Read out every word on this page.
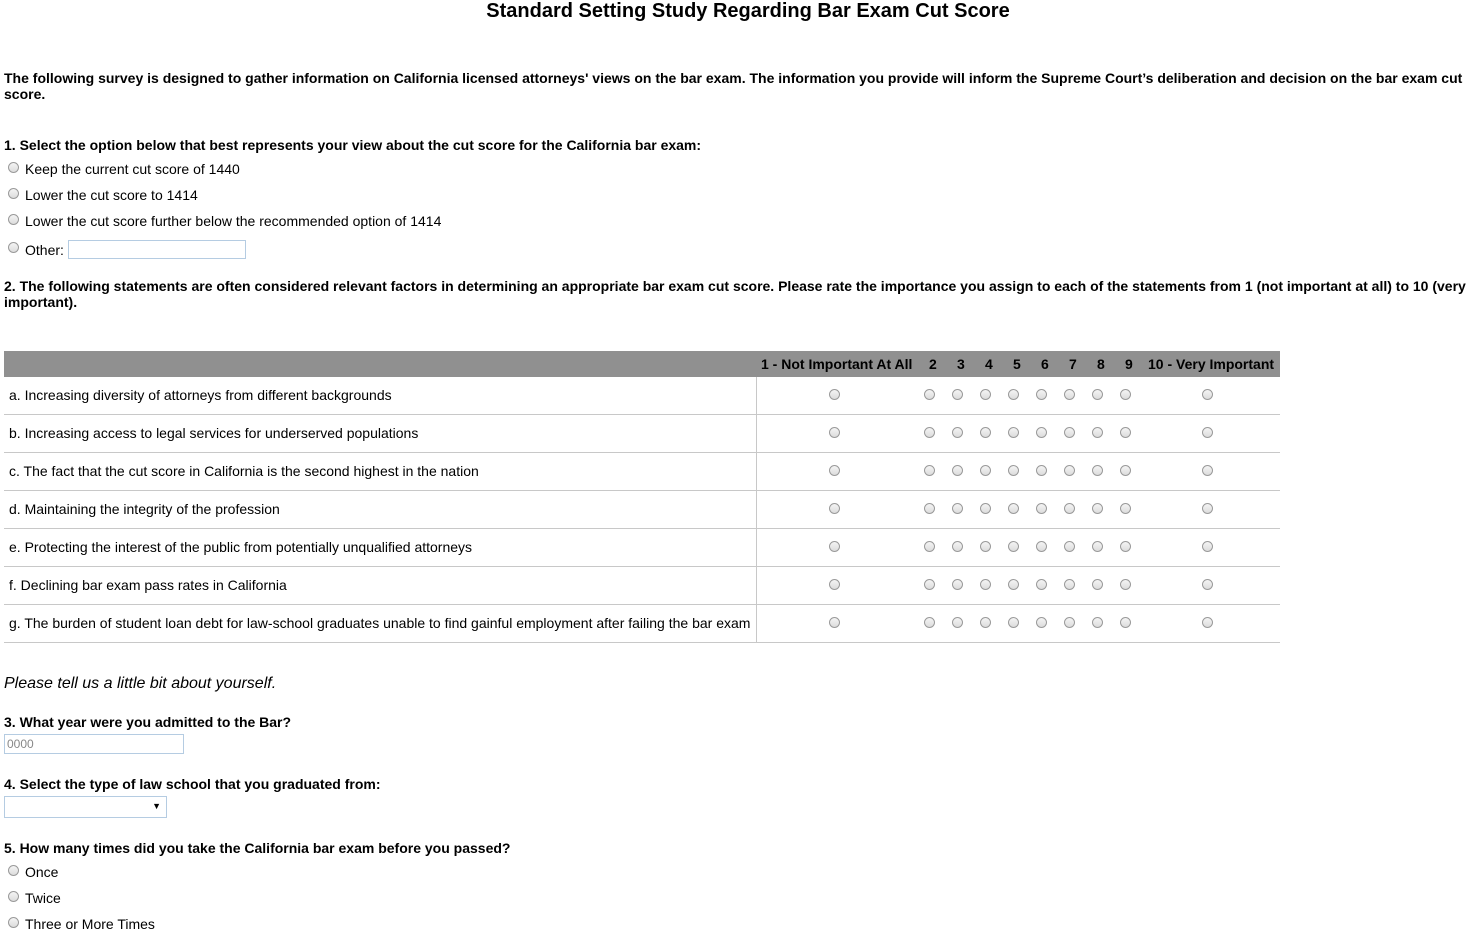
Standard Setting Study Regarding Bar Exam Cut Score
The following survey is designed to gather information on California licensed attorneys' views on the bar exam. The information you provide will inform the Supreme Court’s deliberation and decision on the bar exam cut score.
1. Select the option below that best represents your view about the cut score for the California bar exam:
Keep the current cut score of 1440
Lower the cut score to 1414
Lower the cut score further below the recommended option of 1414
Other:
2. The following statements are often considered relevant factors in determining an appropriate bar exam cut score. Please rate the importance you assign to each of the statements from 1 (not important at all) to 10 (very important).
1 - Not Important At All 2 3 4 5 6 7 8 9 10 - Very Important
a. Increasing diversity of attorneys from different backgrounds
b. Increasing access to legal services for underserved populations
c. The fact that the cut score in California is the second highest in the nation
d. Maintaining the integrity of the profession
e. Protecting the interest of the public from potentially unqualified attorneys
f. Declining bar exam pass rates in California
g. The burden of student loan debt for law-school graduates unable to find gainful employment after failing the bar exam
Please tell us a little bit about yourself.
3. What year were you admitted to the Bar?
0000
4. Select the type of law school that you graduated from:
▼
5. How many times did you take the California bar exam before you passed?
Once
Twice
Three or More Times
